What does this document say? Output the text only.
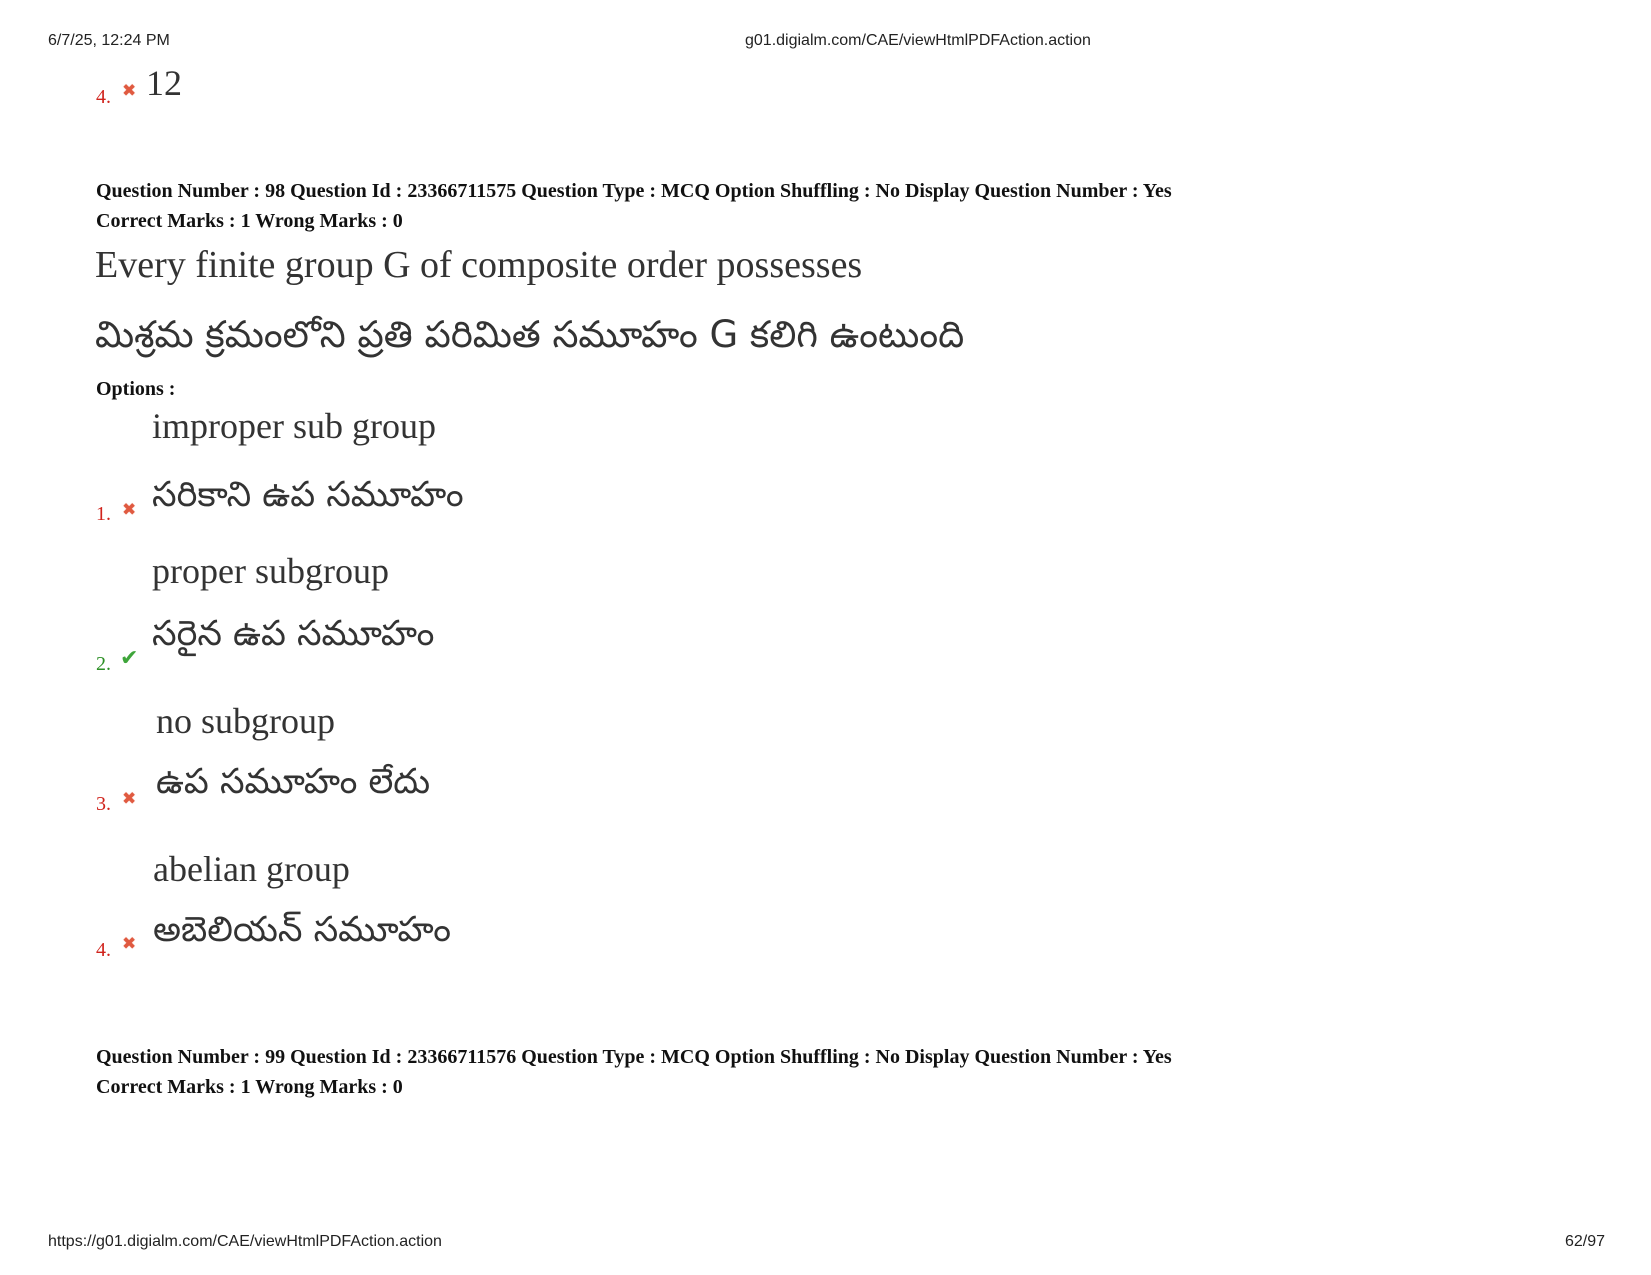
6/7/25, 12:24 PM	g01.digialm.com/CAE/viewHtmlPDFAction.action
4. ✖ 12
Question Number : 98 Question Id : 23366711575 Question Type : MCQ Option Shuffling : No Display Question Number : Yes
Correct Marks : 1 Wrong Marks : 0
Every finite group G of composite order possesses
మిశ్రమ క్రమంలోని ప్రతి పరిమిత సమూహం G కలిగి ఉంటుంది
Options :
improper sub group
1. ✖ సరికాని ఉప సమూహం
proper subgroup
2. ✔
సరైన ఉప సమూహం
no subgroup
3. ✖ ఉప సమూహం లేదు
abelian group
4. ✖ అబెలియన్ సమూహం
Question Number : 99 Question Id : 23366711576 Question Type : MCQ Option Shuffling : No Display Question Number : Yes
Correct Marks : 1 Wrong Marks : 0
https://g01.digialm.com/CAE/viewHtmlPDFAction.action	62/97
